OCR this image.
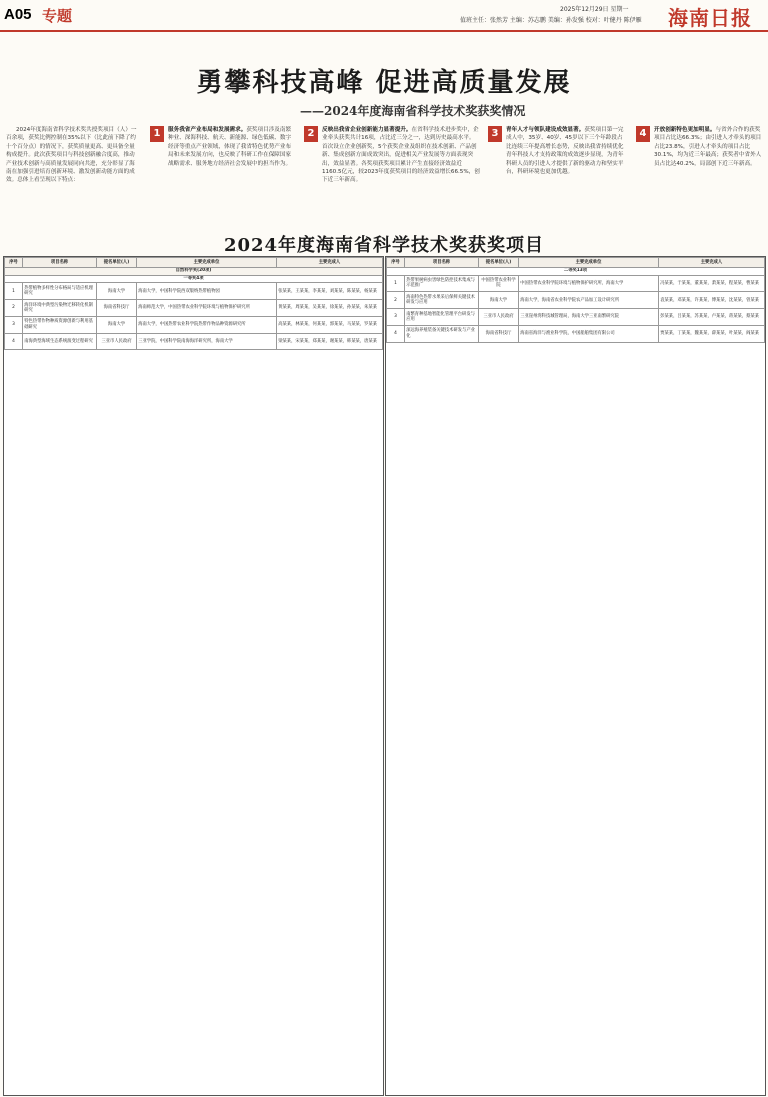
A05 专题	2025年12月29日 星期一
值班主任：张然芳 主编：苏志鹏 美编：孙发强 校对：叶健丹 陈伊雁 海南日报
勇攀科技高峰 促进高质量发展
——2024年度海南省科学技术奖获奖情况
2024年度海南省科学技术奖共授奖项目（人）一百余项，获奖比例控制在35%以下（比此前下降了约十个百分点）的情况下，获奖质量更高、更具备全量构成提升。此次获奖项目与科技创新融合度高，推动产业技术创新与高质量发展同向共进，充分彰显了海南在加强引进培育创新环境、激发创新动能方面的成效。总体上看呈现以下特点：
1	服务我省产业布局和发展需求。获奖项目涉及南繁种业、深海科技、航天、新能源、绿色低碳、数字经济等重点产业领域，体现了我省特色优势产业布局和未来发展方向，也反映了科研工作在保障国家战略需求、服务地方经济社会发展中的担当作为。
2	反映出我省企业创新能力显著提升。在省科学技术进步奖中，企业牵头获奖共计16项，占比近三分之一，达到历史最高水平。首次设立企业创新奖，5个获奖企业及组织在技术创新、产品创新、集成创新方面成效突出，促进相关产业发展等方面表现突出，效益显著。各奖项获奖项目累计产生直接经济效益近1160.5亿元，较2023年度获奖项目的经济效益增长66.5%，创下近三年新高。
3	青年人才与领队建设成效显著。获奖项目第一完成人中，35岁、40岁、45岁以下三个年龄段占比连续三年提高增长态势，反映出我省持续优化青年科技人才支持政策的成效逐步显现，为青年科研人员的引进人才提供了新的驱动力和坚实平台，科研环境也更加优越。
4	开放创新特色更加明显。与省外合作的获奖项目占比达66.3%；由引进人才牵头的项目占比23.8%，引进人才牵头的项目占比30.1%，均为近三年最高；获奖者中省外人员占比达40.2%，局部创下近三年新高。
2024年度海南省科学技术奖获奖项目
序号	项目名称	提名单位(人)	主要完成单位	主要完成人
自然科学奖(20项)				
一等奖4项				
1	热带植物多样性分布格局与适应机理研究	海南大学	海南大学，中国科学院西双版纳热带植物园	张某某，王某某，李某某，刘某某，陈某某，杨某某
2	海洋环境中典型污染物迁移转化机制研究	海南省科技厅	海南师范大学，中国热带农业科学院环境与植物保护研究所	黄某某，周某某，吴某某，徐某某，孙某某，朱某某
3	特色热带作物种质资源创新与利用基础研究	海南大学	海南大学，中国热带农业科学院热带作物品种资源研究所	高某某，林某某，何某某，郭某某，马某某，罗某某
4	南海典型海域生态系统演变过程研究	三亚市人民政府	三亚学院，中国科学院南海海洋研究所，海南大学	梁某某，宋某某，郑某某，谢某某，韩某某，唐某某
序号	项目名称	提名单位(人)	主要完成单位	主要完成人
二等奖13项				
1	热带果树病虫害绿色防控技术集成与示范推广	中国热带农业科学院	中国热带农业科学院环境与植物保护研究所，海南大学	冯某某，于某某，董某某，萧某某，程某某，曹某某
2	海南特色热带水果采后保鲜关键技术研发与应用	海南大学	海南大学，海南省农业科学院农产品加工设计研究所	袁某某，邓某某，许某某，傅某某，沈某某，曾某某
3	南繁育种基地智能化管理平台研发与应用	三亚市人民政府	三亚崖州湾科技城管理局，海南大学三亚南繁研究院	彭某某，吕某某，苏某某，卢某某，蒋某某，蔡某某
4	深远海养殖装备关键技术研发与产业化	海南省科技厅	海南省海洋与渔业科学院，中国船舶集团有限公司	贾某某，丁某某，魏某某，薛某某，叶某某，阎某某
